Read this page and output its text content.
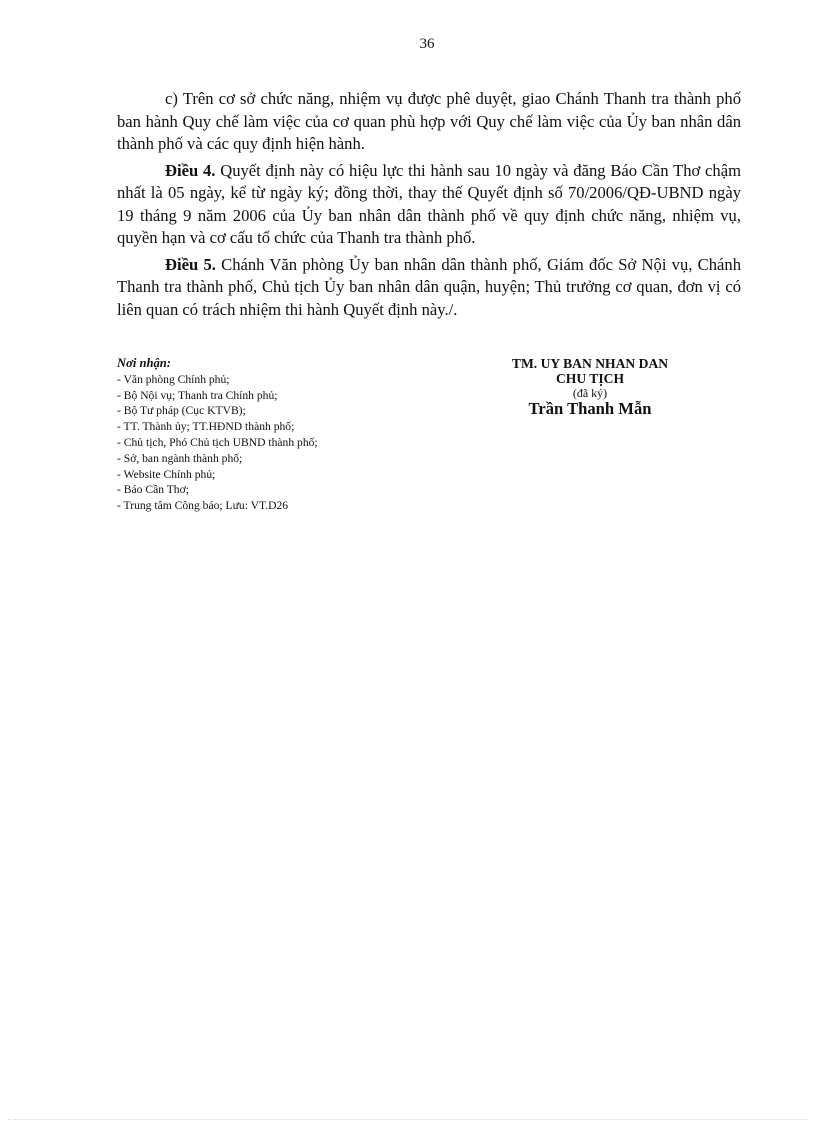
36

c) Trên cơ sở chức năng, nhiệm vụ được phê duyệt, giao Chánh Thanh tra thành phố ban hành Quy chế làm việc của cơ quan phù hợp với Quy chế làm việc của Ủy ban nhân dân thành phố và các quy định hiện hành.

Điều 4. Quyết định này có hiệu lực thi hành sau 10 ngày và đăng Báo Cần Thơ chậm nhất là 05 ngày, kể từ ngày ký; đồng thời, thay thế Quyết định số 70/2006/QĐ-UBND ngày 19 tháng 9 năm 2006 của Ủy ban nhân dân thành phố về quy định chức năng, nhiệm vụ, quyền hạn và cơ cấu tổ chức của Thanh tra thành phố.

Điều 5. Chánh Văn phòng Ủy ban nhân dân thành phố, Giám đốc Sở Nội vụ, Chánh Thanh tra thành phố, Chủ tịch Ủy ban nhân dân quận, huyện; Thủ trưởng cơ quan, đơn vị có liên quan có trách nhiệm thi hành Quyết định này./.

Nơi nhận:
- Văn phòng Chính phủ;
- Bộ Nội vụ; Thanh tra Chính phủ;
- Bộ Tư pháp (Cục KTVB);
- TT. Thành ủy; TT.HĐND thành phố;
- Chủ tịch, Phó Chủ tịch UBND thành phố;
- Sở, ban ngành thành phố;
- Website Chính phủ;
- Báo Cần Thơ;
- Trung tâm Công báo; Lưu: VT.D26
TM. UY BAN NHAN DAN
CHU TỊCH
(đã ký)
Trần Thanh Mẫn
